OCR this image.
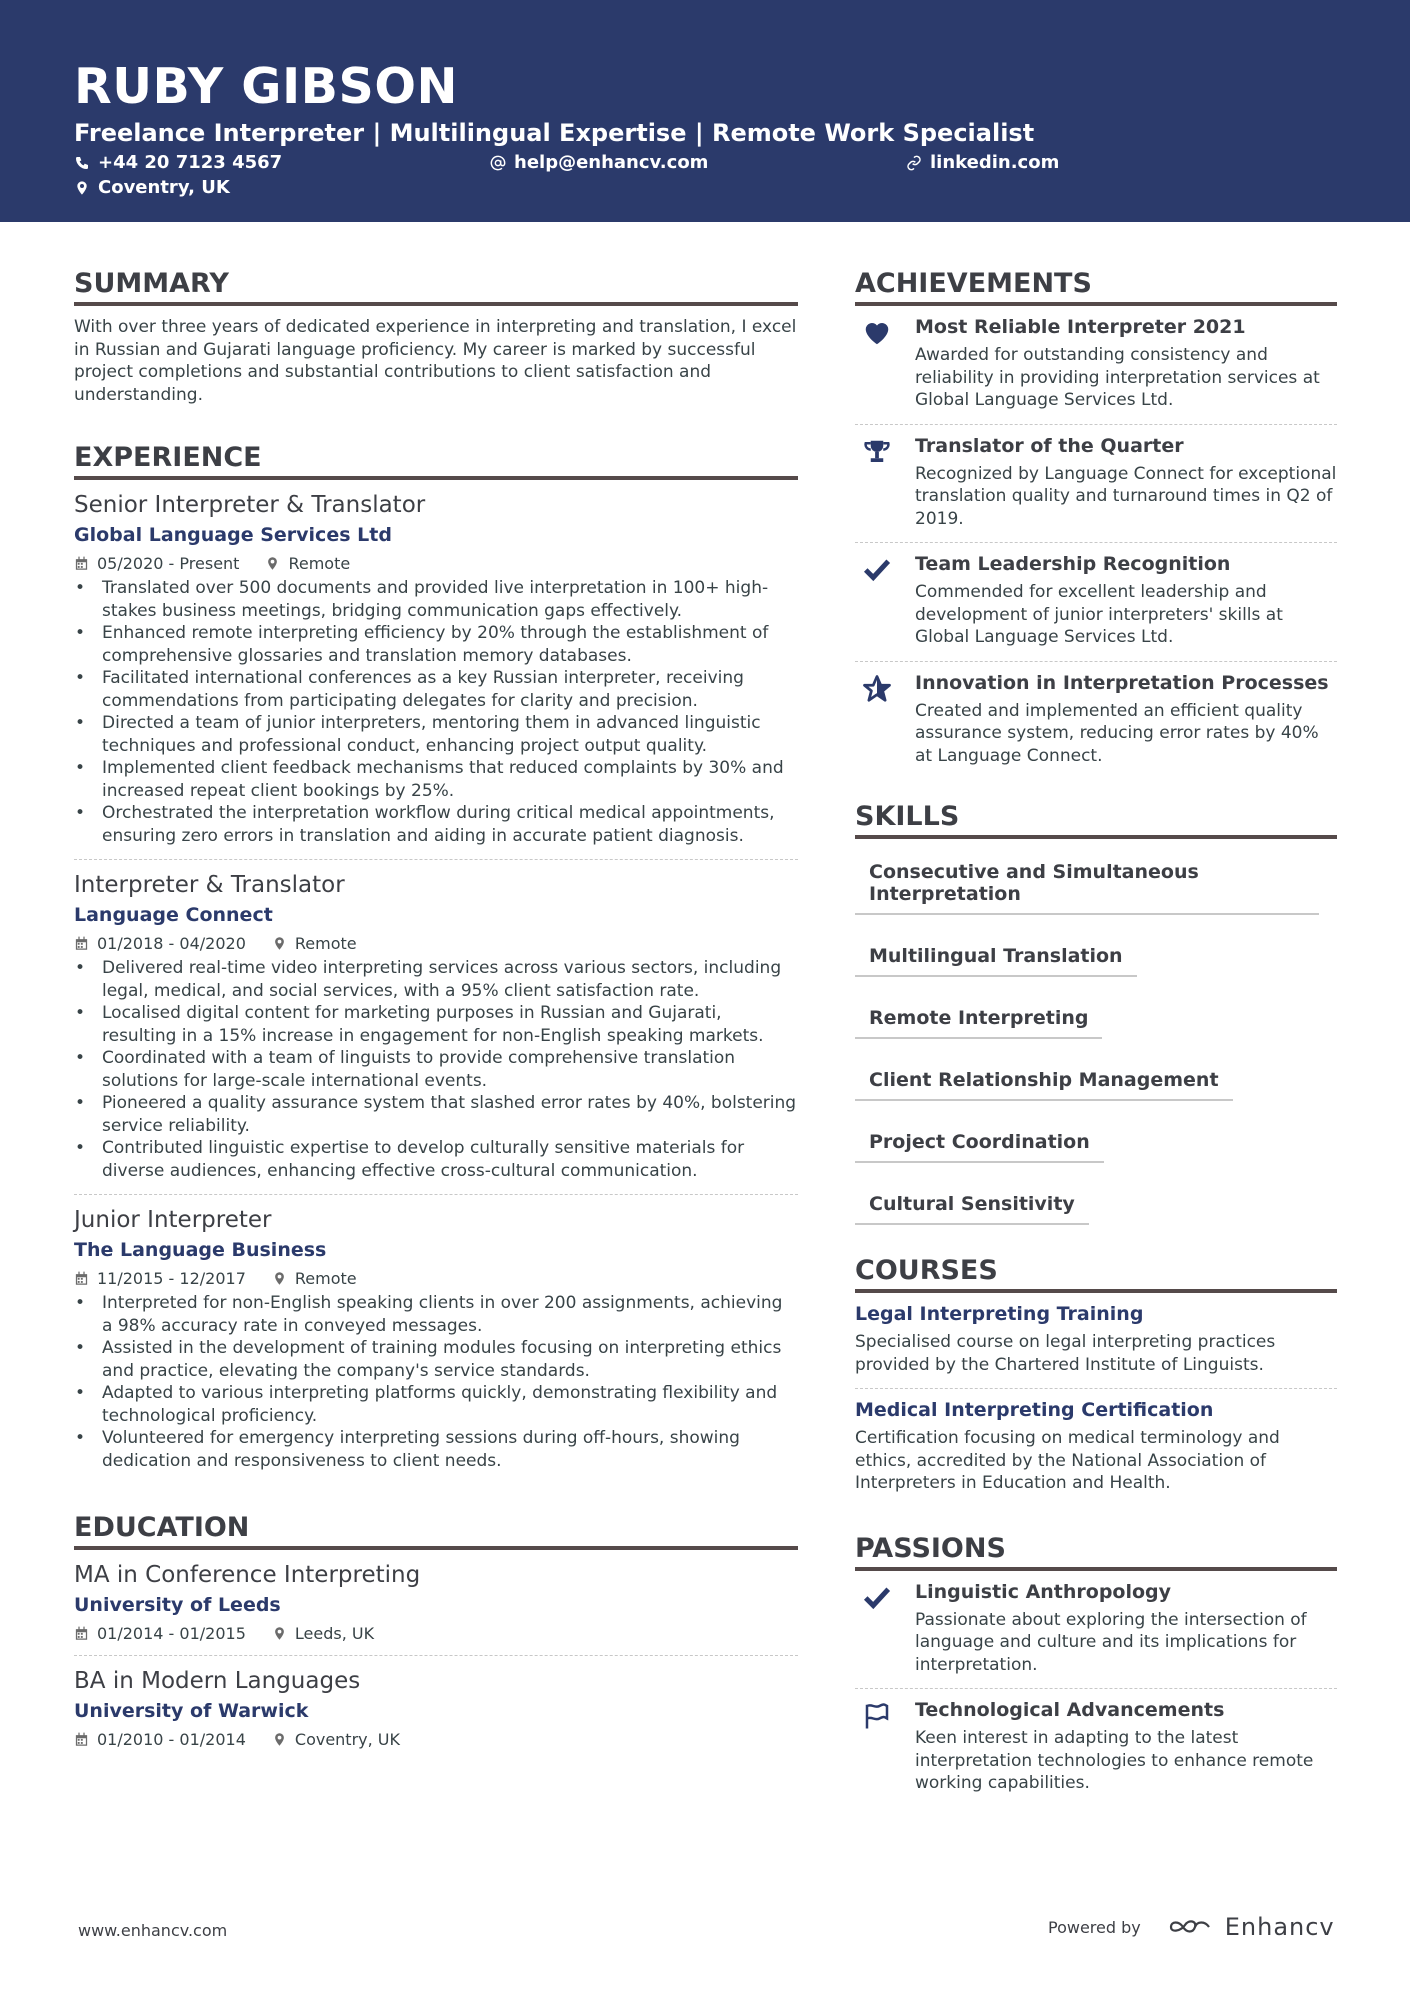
RUBY GIBSON
Freelance Interpreter | Multilingual Expertise | Remote Work Specialist
+44 20 7123 4567	help@enhancv.com	linkedin.com
Coventry, UK
SUMMARY
With over three years of dedicated experience in interpreting and translation, I excel in Russian and Gujarati language proficiency. My career is marked by successful project completions and substantial contributions to client satisfaction and understanding.
EXPERIENCE
Senior Interpreter & Translator
Global Language Services Ltd
05/2020 - Present	Remote
• Translated over 500 documents and provided live interpretation in 100+ high-stakes business meetings, bridging communication gaps effectively.
• Enhanced remote interpreting efficiency by 20% through the establishment of comprehensive glossaries and translation memory databases.
• Facilitated international conferences as a key Russian interpreter, receiving commendations from participating delegates for clarity and precision.
• Directed a team of junior interpreters, mentoring them in advanced linguistic techniques and professional conduct, enhancing project output quality.
• Implemented client feedback mechanisms that reduced complaints by 30% and increased repeat client bookings by 25%.
• Orchestrated the interpretation workflow during critical medical appointments, ensuring zero errors in translation and aiding in accurate patient diagnosis.
Interpreter & Translator
Language Connect
01/2018 - 04/2020	Remote
• Delivered real-time video interpreting services across various sectors, including legal, medical, and social services, with a 95% client satisfaction rate.
• Localised digital content for marketing purposes in Russian and Gujarati, resulting in a 15% increase in engagement for non-English speaking markets.
• Coordinated with a team of linguists to provide comprehensive translation solutions for large-scale international events.
• Pioneered a quality assurance system that slashed error rates by 40%, bolstering service reliability.
• Contributed linguistic expertise to develop culturally sensitive materials for diverse audiences, enhancing effective cross-cultural communication.
Junior Interpreter
The Language Business
11/2015 - 12/2017	Remote
• Interpreted for non-English speaking clients in over 200 assignments, achieving a 98% accuracy rate in conveyed messages.
• Assisted in the development of training modules focusing on interpreting ethics and practice, elevating the company's service standards.
• Adapted to various interpreting platforms quickly, demonstrating flexibility and technological proficiency.
• Volunteered for emergency interpreting sessions during off-hours, showing dedication and responsiveness to client needs.
EDUCATION
MA in Conference Interpreting
University of Leeds
01/2014 - 01/2015	Leeds, UK
BA in Modern Languages
University of Warwick
01/2010 - 01/2014	Coventry, UK
ACHIEVEMENTS
Most Reliable Interpreter 2021
Awarded for outstanding consistency and reliability in providing interpretation services at Global Language Services Ltd.
Translator of the Quarter
Recognized by Language Connect for exceptional translation quality and turnaround times in Q2 of 2019.
Team Leadership Recognition
Commended for excellent leadership and development of junior interpreters' skills at Global Language Services Ltd.
Innovation in Interpretation Processes
Created and implemented an efficient quality assurance system, reducing error rates by 40% at Language Connect.
SKILLS
Consecutive and Simultaneous Interpretation
Multilingual Translation
Remote Interpreting
Client Relationship Management
Project Coordination
Cultural Sensitivity
COURSES
Legal Interpreting Training
Specialised course on legal interpreting practices provided by the Chartered Institute of Linguists.
Medical Interpreting Certification
Certification focusing on medical terminology and ethics, accredited by the National Association of Interpreters in Education and Health.
PASSIONS
Linguistic Anthropology
Passionate about exploring the intersection of language and culture and its implications for interpretation.
Technological Advancements
Keen interest in adapting to the latest interpretation technologies to enhance remote working capabilities.
www.enhancv.com	Powered by	Enhancv
